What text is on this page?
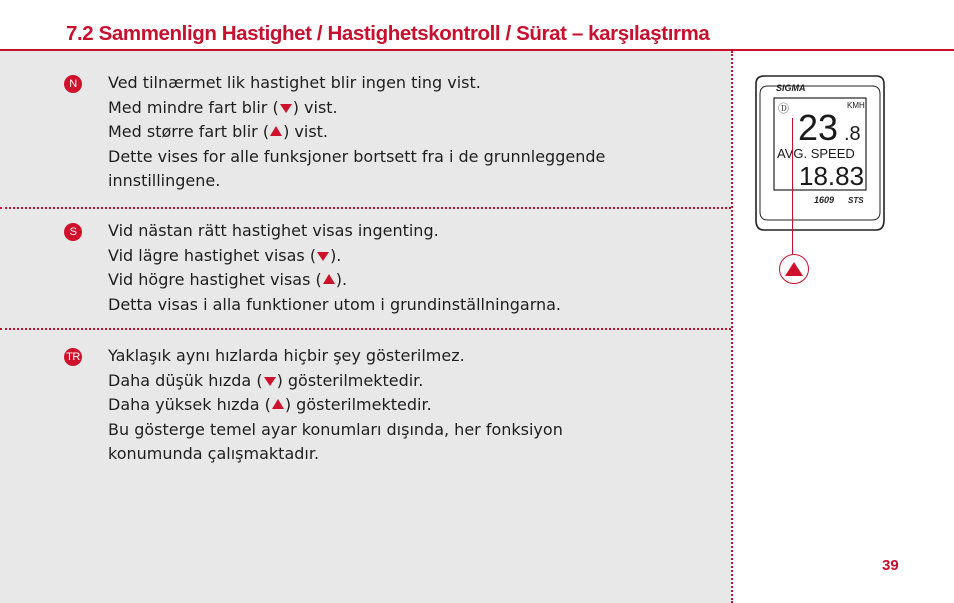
7.2 Sammenlign Hastighet / Hastighetskontroll / Sürat – karşılaştırma
N	Ved tilnærmet lik hastighet blir ingen ting vist.

Med mindre fart blir ( ) vist.

Med større fart blir ( ) vist.

Dette vises for alle funksjoner bortsett fra i de grunnleggende

innstillingene.

S	Vid nästan rätt hastighet visas ingenting.

Vid lägre hastighet visas ( ).

Vid högre hastighet visas ( ).

Detta visas i alla funktioner utom i grundinställningarna.

TR Yaklaşık aynı hızlarda hiçbir şey gösterilmez.

Daha düşük hızda ( ) gösterilmektedir.

Daha yüksek hızda ( ) gösterilmektedir.

Bu gösterge temel ayar konumları dışında, her fonksiyon

konumunda çalışmaktadır.

SIGMA
Ⓓ 23 .8
KMH
AVG. SPEED
18.83
1609 STS
39
